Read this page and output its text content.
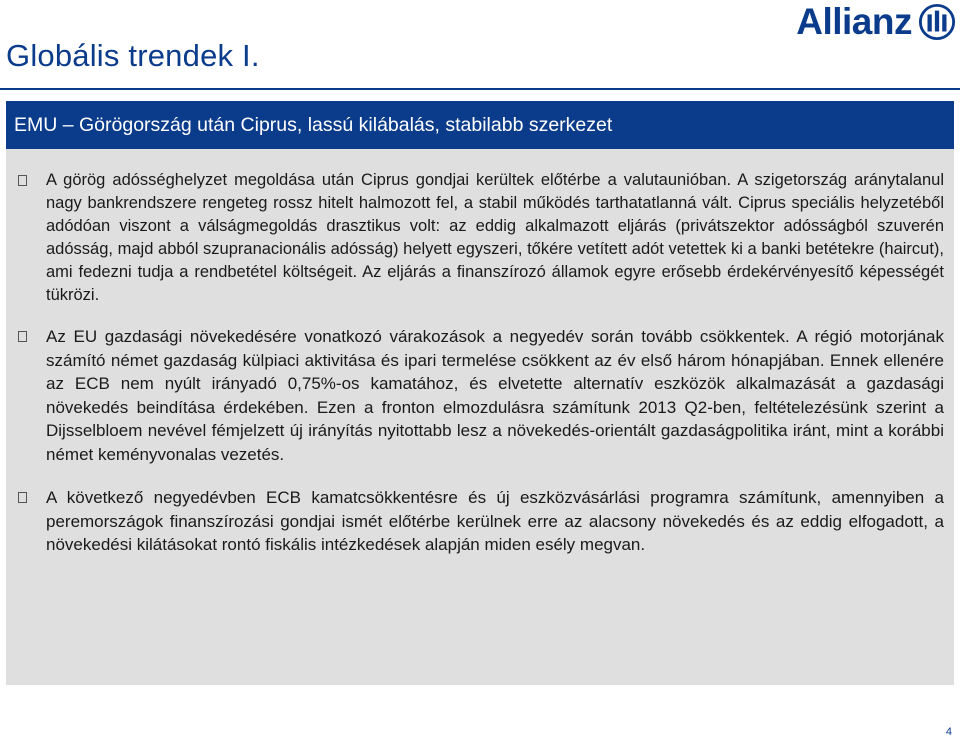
Globális trendek I.
Allianz
EMU – Görögország után Ciprus, lassú kilábalás, stabilabb szerkezet

A görög adósséghelyzet megoldása után Ciprus gondjai kerültek előtérbe a valutaunióban. A szigetország aránytalanul nagy bankrendszere rengeteg rossz hitelt halmozott fel, a stabil működés tarthatatlanná vált. Ciprus speciális helyzetéből adódóan viszont a válságmegoldás drasztikus volt: az eddig alkalmazott eljárás (privátszektor adósságból szuverén adósság, majd abból szupranacionális adósság) helyett egyszeri, tőkére vetített adót vetettek ki a banki betétekre (haircut), ami fedezni tudja a rendbetétel költségeit. Az eljárás a finanszírozó államok egyre erősebb érdekérvényesítő képességét tükrözi.

Az EU gazdasági növekedésére vonatkozó várakozások a negyedév során tovább csökkentek. A régió motorjának számító német gazdaság külpiaci aktivitása és ipari termelése csökkent az év első három hónapjában. Ennek ellenére az ECB nem nyúlt irányadó 0,75%-os kamatához, és elvetette alternatív eszközök alkalmazását a gazdasági növekedés beindítása érdekében. Ezen a fronton elmozdulásra számítunk 2013 Q2-ben, feltételezésünk szerint a Dijsselbloem nevével fémjelzett új irányítás nyitottabb lesz a növekedés-orientált gazdaságpolitika iránt, mint a korábbi német keményvonalas vezetés.

A következő negyedévben ECB kamatcsökkentésre és új eszközvásárlási programra számítunk, amennyiben a peremországok finanszírozási gondjai ismét előtérbe kerülnek erre az alacsony növekedés és az eddig elfogadott, a növekedési kilátásokat rontó fiskális intézkedések alapján miden esély megvan.

4
